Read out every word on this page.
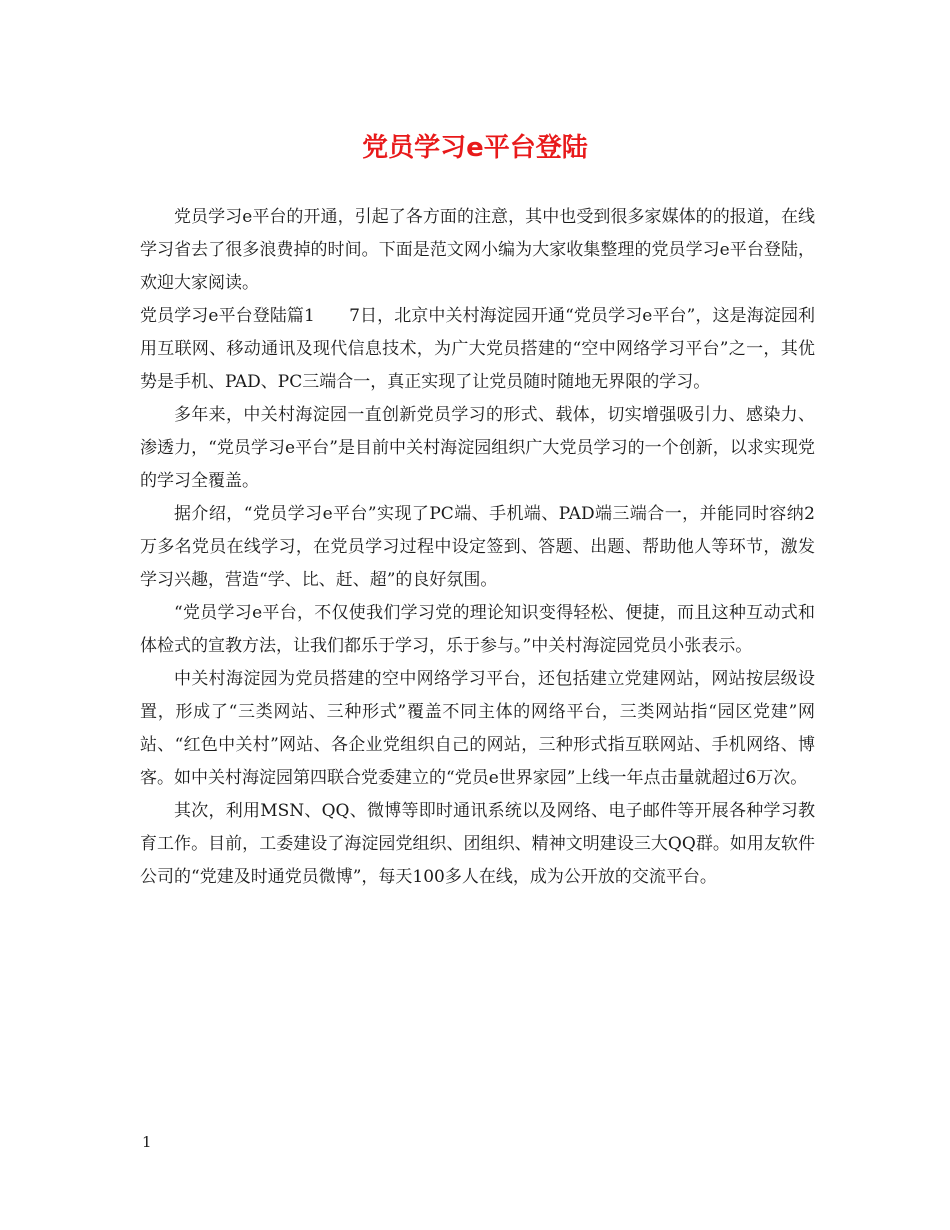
党员学习e平台登陆

党员学习e平台的开通，引起了各方面的注意，其中也受到很多家媒体的的报道，在线学习省去了很多浪费掉的时间。下面是范文网小编为大家收集整理的党员学习e平台登陆，欢迎大家阅读。

党员学习e平台登陆篇1　　7日，北京中关村海淀园开通“党员学习e平台”，这是海淀园利用互联网、移动通讯及现代信息技术，为广大党员搭建的“空中网络学习平台”之一，其优势是手机、PAD、PC三端合一，真正实现了让党员随时随地无界限的学习。

多年来，中关村海淀园一直创新党员学习的形式、载体，切实增强吸引力、感染力、渗透力，“党员学习e平台”是目前中关村海淀园组织广大党员学习的一个创新，以求实现党的学习全覆盖。

据介绍，“党员学习e平台”实现了PC端、手机端、PAD端三端合一，并能同时容纳2万多名党员在线学习，在党员学习过程中设定签到、答题、出题、帮助他人等环节，激发学习兴趣，营造“学、比、赶、超”的良好氛围。

“党员学习e平台，不仅使我们学习党的理论知识变得轻松、便捷，而且这种互动式和体检式的宣教方法，让我们都乐于学习，乐于参与。”中关村海淀园党员小张表示。

中关村海淀园为党员搭建的空中网络学习平台，还包括建立党建网站，网站按层级设置，形成了“三类网站、三种形式”覆盖不同主体的网络平台，三类网站指“园区党建”网站、“红色中关村”网站、各企业党组织自己的网站，三种形式指互联网站、手机网络、博客。如中关村海淀园第四联合党委建立的“党员e世界家园”上线一年点击量就超过6万次。

其次，利用MSN、QQ、微博等即时通讯系统以及网络、电子邮件等开展各种学习教育工作。目前，工委建设了海淀园党组织、团组织、精神文明建设三大QQ群。如用友软件公司的“党建及时通党员微博”，每天100多人在线，成为公开放的交流平台。

1
